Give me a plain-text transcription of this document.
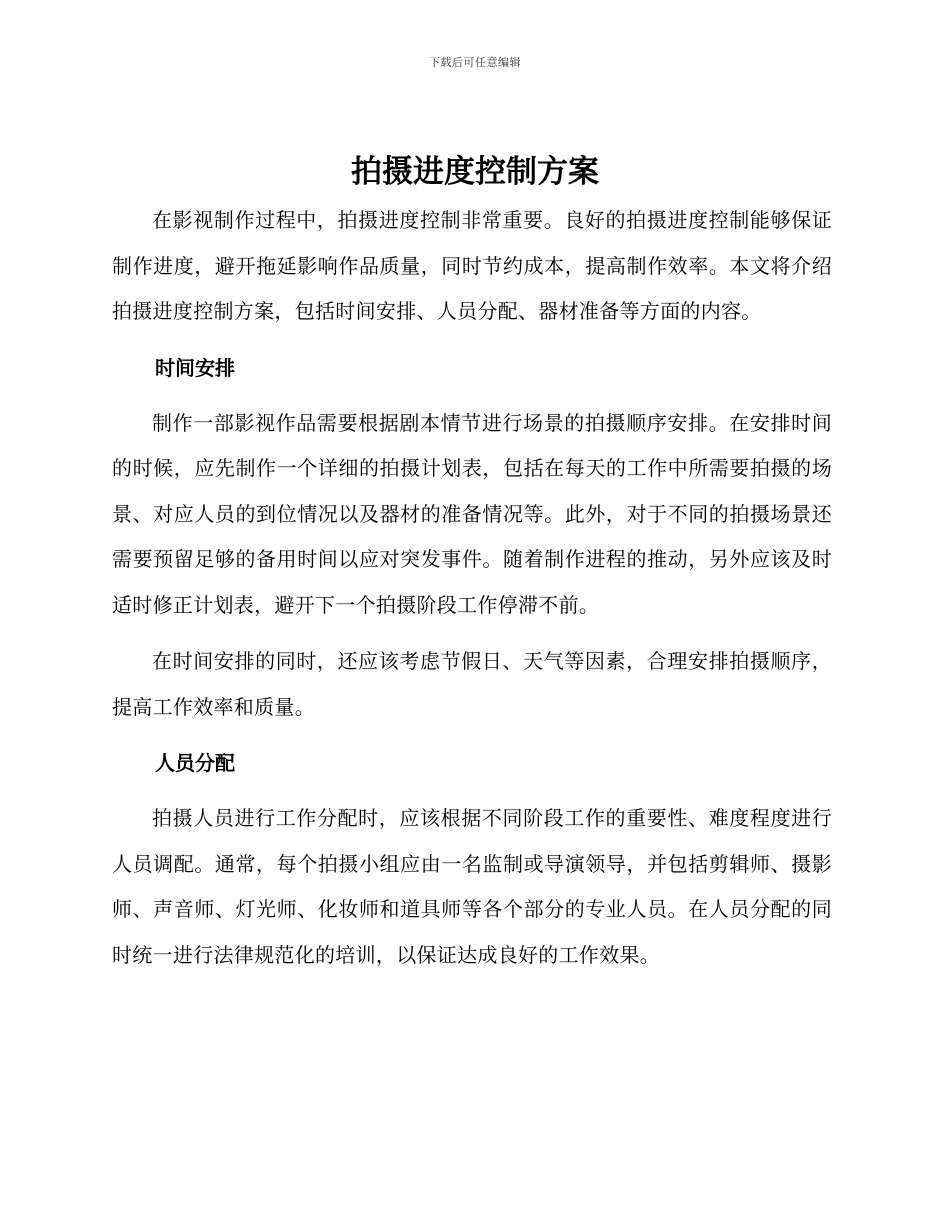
下载后可任意编辑
拍摄进度控制方案

在影视制作过程中，拍摄进度控制非常重要。良好的拍摄进度控制能够保证制作进度，避开拖延影响作品质量，同时节约成本，提高制作效率。本文将介绍拍摄进度控制方案，包括时间安排、人员分配、器材准备等方面的内容。

时间安排

制作一部影视作品需要根据剧本情节进行场景的拍摄顺序安排。在安排时间的时候，应先制作一个详细的拍摄计划表，包括在每天的工作中所需要拍摄的场景、对应人员的到位情况以及器材的准备情况等。此外，对于不同的拍摄场景还需要预留足够的备用时间以应对突发事件。随着制作进程的推动，另外应该及时适时修正计划表，避开下一个拍摄阶段工作停滞不前。

在时间安排的同时，还应该考虑节假日、天气等因素，合理安排拍摄顺序，提高工作效率和质量。

人员分配

拍摄人员进行工作分配时，应该根据不同阶段工作的重要性、难度程度进行人员调配。通常，每个拍摄小组应由一名监制或导演领导，并包括剪辑师、摄影师、声音师、灯光师、化妆师和道具师等各个部分的专业人员。在人员分配的同时统一进行法律规范化的培训，以保证达成良好的工作效果。
